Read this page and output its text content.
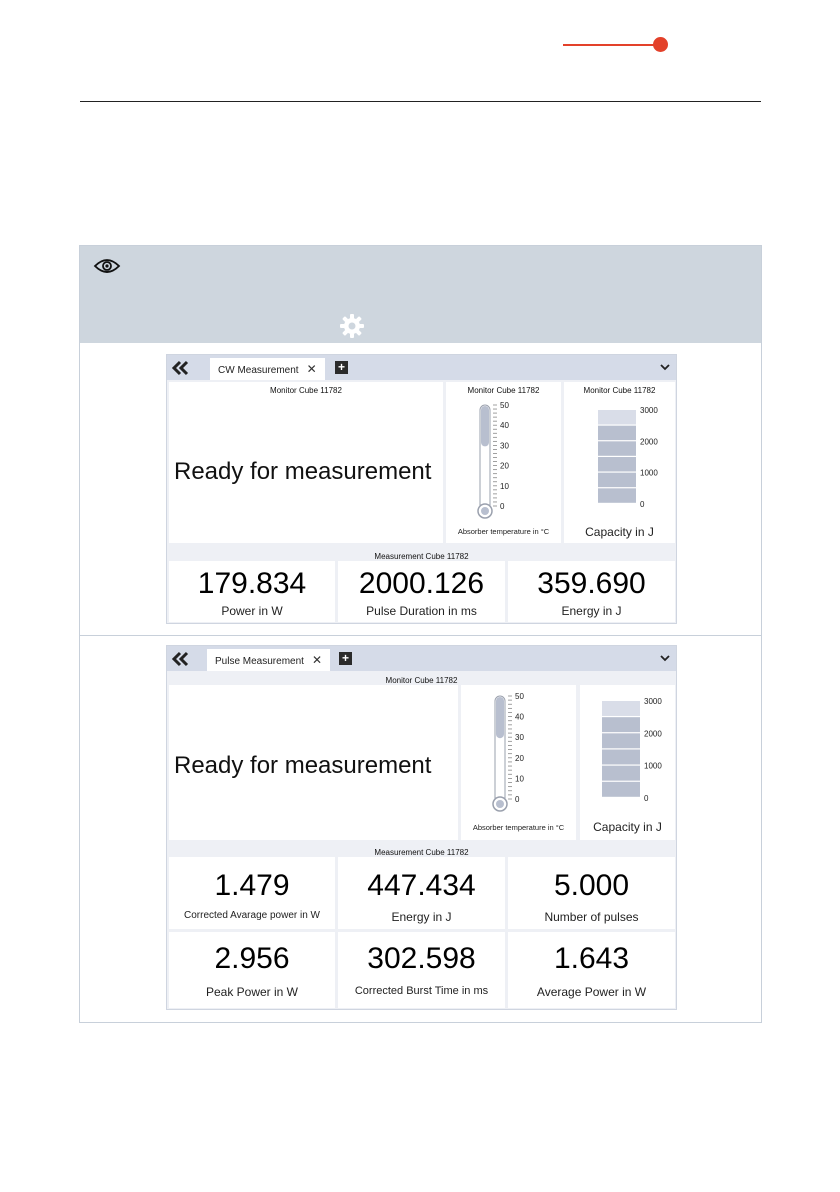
CW Measurement ✕	+
Monitor Cube 11782
Ready for measurement
Monitor Cube 11782
50
40
30
20
10
0
Absorber temperature in °C
Monitor Cube 11782
3000
2000
1000
0
Capacity in J
Measurement Cube 11782
179.834
Power in W
2000.126
Pulse Duration in ms
359.690
Energy in J
Pulse Measurement ✕	+
Monitor Cube 11782
Ready for measurement
50
40
30
20
10
0
Absorber temperature in °C
3000
2000
1000
0
Capacity in J
Measurement Cube 11782
1.479
Corrected Avarage power in W
447.434
Energy in J
5.000
Number of pulses
2.956
Peak Power in W
302.598
Corrected Burst Time in ms
1.643
Average Power in W
